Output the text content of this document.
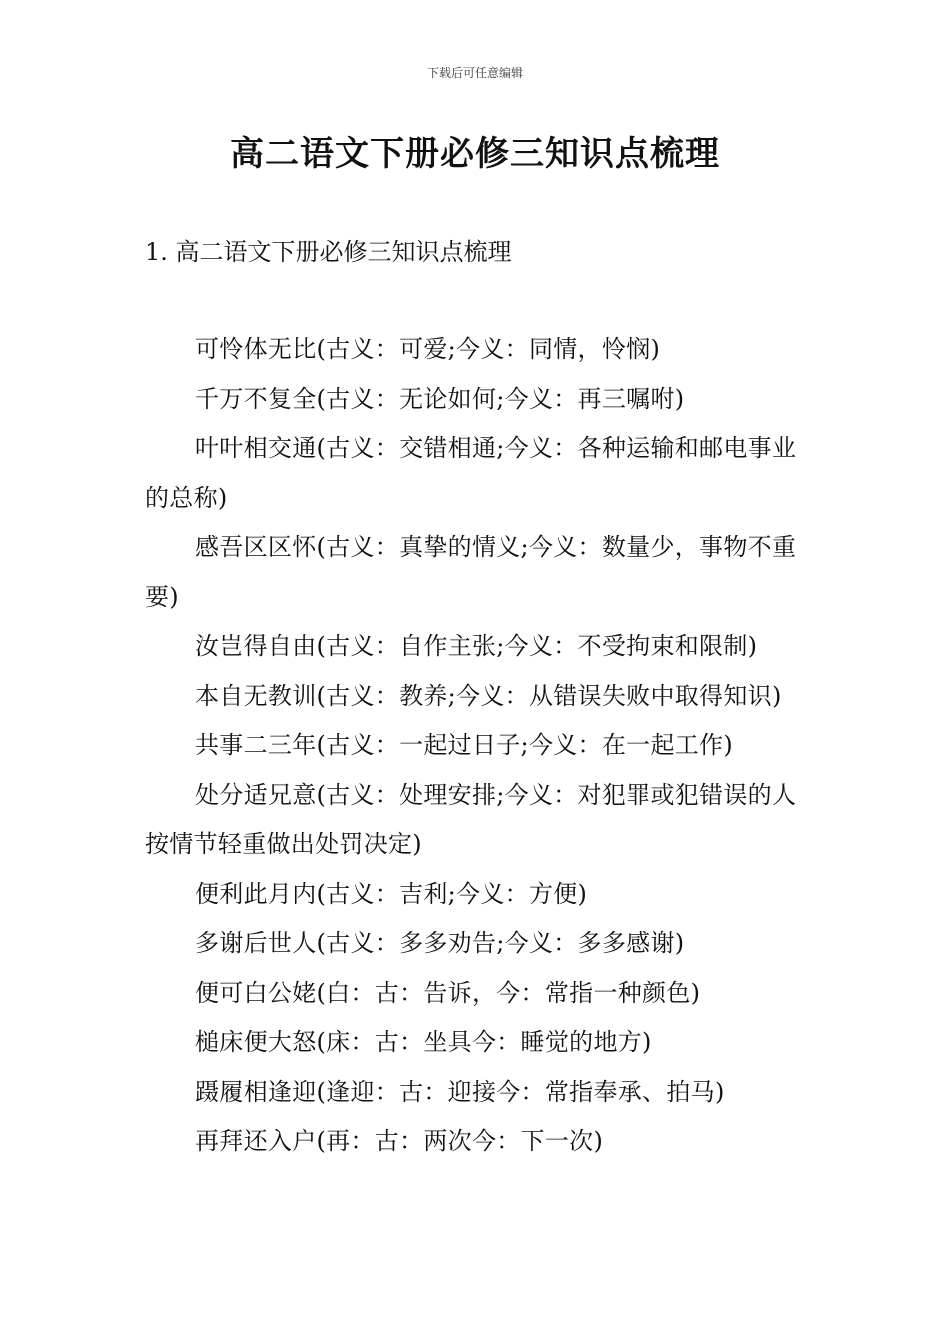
下载后可任意编辑
高二语文下册必修三知识点梳理
1. 高二语文下册必修三知识点梳理

可怜体无比(古义：可爱;今义：同情，怜悯)

千万不复全(古义：无论如何;今义：再三嘱咐)

叶叶相交通(古义：交错相通;今义：各种运输和邮电事业的总称)

感吾区区怀(古义：真挚的情义;今义：数量少，事物不重要)

汝岂得自由(古义：自作主张;今义：不受拘束和限制)

本自无教训(古义：教养;今义：从错误失败中取得知识)

共事二三年(古义：一起过日子;今义：在一起工作)

处分适兄意(古义：处理安排;今义：对犯罪或犯错误的人按情节轻重做出处罚决定)

便利此月内(古义：吉利;今义：方便)

多谢后世人(古义：多多劝告;今义：多多感谢)

便可白公姥(白：古：告诉，今：常指一种颜色)

槌床便大怒(床：古：坐具今：睡觉的地方)

蹑履相逢迎(逢迎：古：迎接今：常指奉承、拍马)

再拜还入户(再：古：两次今：下一次)
